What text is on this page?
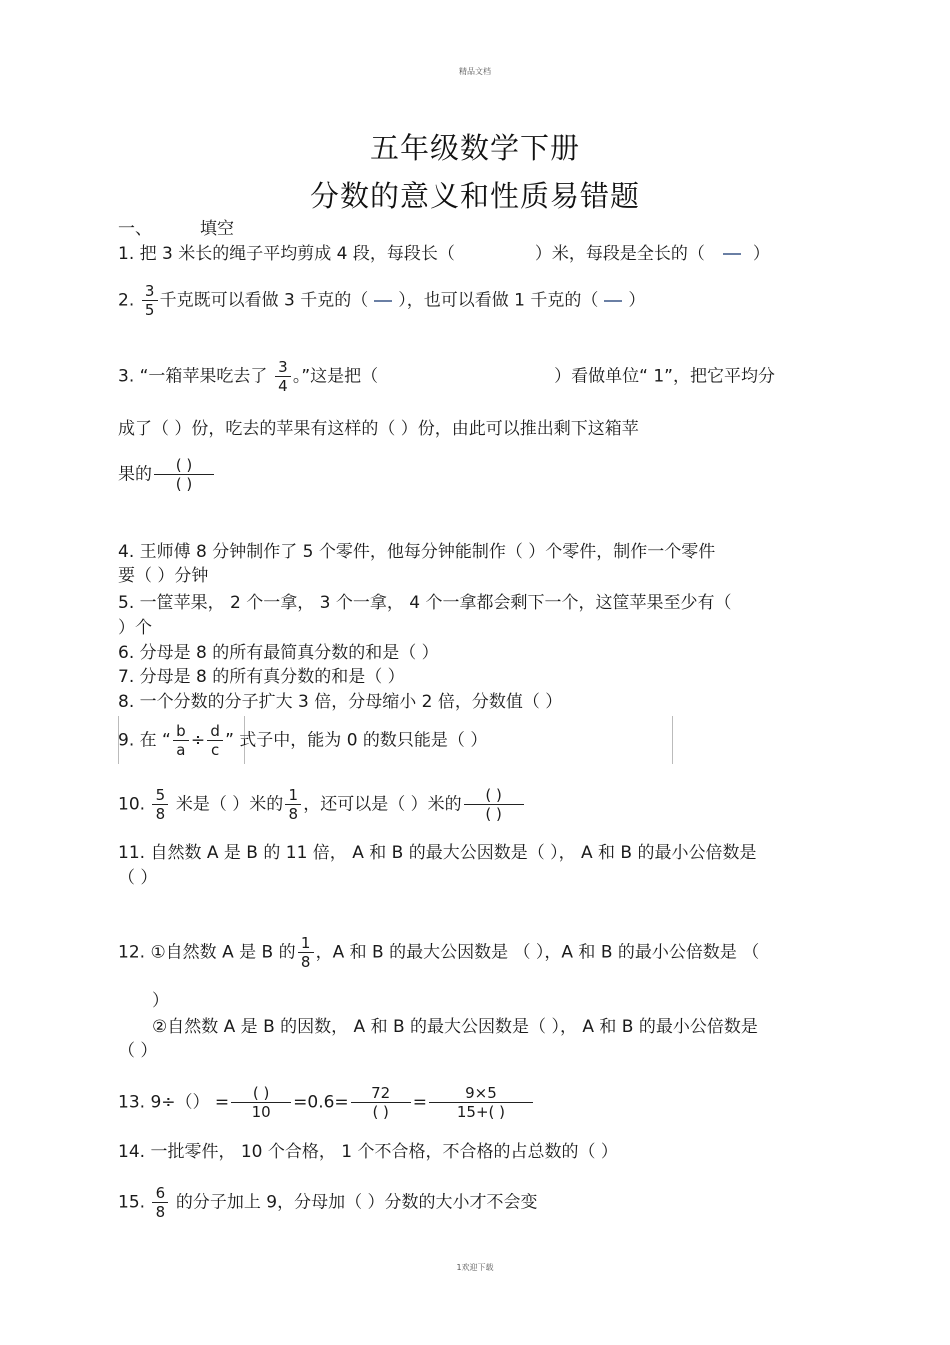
精品文档
五年级数学下册
分数的意义和性质易错题
一、	填空
1. 把 3 米长的绳子平均剪成 4 段，每段长（	）米，每段是全长的（	）
2. $\frac{3}{5}$ 千克既可以看做 3 千克的（ ），也可以看做 1 千克的（ ）
3. “一箱苹果吃去了 $\frac{3}{4}$ 。”这是把（	）看做单位“ 1”，把它平均分
成了（ ）份，吃去的苹果有这样的（ ）份，由此可以推出剩下这箱苹
果的 $\frac{( )}{( )}$
4. 王师傅 8 分钟制作了 5 个零件，他每分钟能制作（ ）个零件，制作一个零件
要（ ）分钟
5. 一筐苹果， 2 个一拿， 3 个一拿， 4 个一拿都会剩下一个，这筐苹果至少有（
）个
6. 分母是 8 的所有最简真分数的和是（ ）
7. 分母是 8 的所有真分数的和是（ ）
8. 一个分数的分子扩大 3 倍，分母缩小 2 倍，分数值（ ）
9. 在 “ $\frac{b}{a} \div \frac{d}{c}$ ” 式子中，能为 0 的数只能是（ ）
10. $\frac{5}{8}$ 米是（ ）米的 $\frac{1}{8}$ ，还可以是（ ）米的 $\frac{( )}{( )}$
11. 自然数 A 是 B 的 11 倍， A 和 B 的最大公因数是（ ）， A 和 B 的最小公倍数是
（ ）
12. ①自然数 A 是 B 的 $\frac{1}{8}$ ，A 和 B 的最大公因数是 （ ），A 和 B 的最小公倍数是 （
）
②自然数 A 是 B 的因数， A 和 B 的最大公因数是（ ）， A 和 B 的最小公倍数是
（ ）
13. $9\div() = \frac{( )}{10} =0.6= \frac{72}{( )} = \frac{9\times 5}{15+( )}$
14. 一批零件， 10 个合格， 1 个不合格，不合格的占总数的（ ）
15. $\frac{6}{8}$ 的分子加上 9，分母加（ ）分数的大小才不会变
1欢迎下载
